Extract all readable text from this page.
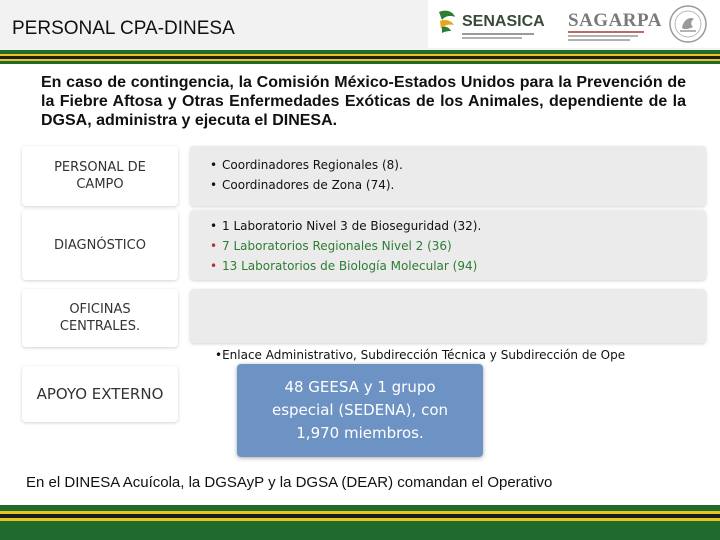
PERSONAL CPA-DINESA	SENASICA SAGARPA
En caso de contingencia, la Comisión México-Estados Unidos para la Prevención de la Fiebre Aftosa y Otras Enfermedades Exóticas de los Animales, dependiente de la DGSA, administra y ejecuta el DINESA.
PERSONAL DE CAMPO
• Coordinadores Regionales (8).
• Coordinadores de Zona (74).
DIAGNÓSTICO
• 1 Laboratorio Nivel 3 de Bioseguridad (32).
• 7 Laboratorios Regionales Nivel 2 (36)
• 13 Laboratorios de Biología Molecular (94)
OFICINAS CENTRALES.
•Enlace Administrativo, Subdirección Técnica y Subdirección de Ope
APOYO EXTERNO	48 GEESA y 1 grupo especial (SEDENA), con 1,970 miembros.
En el DINESA Acuícola, la DGSAyP y la DGSA (DEAR) comandan el Operativo
